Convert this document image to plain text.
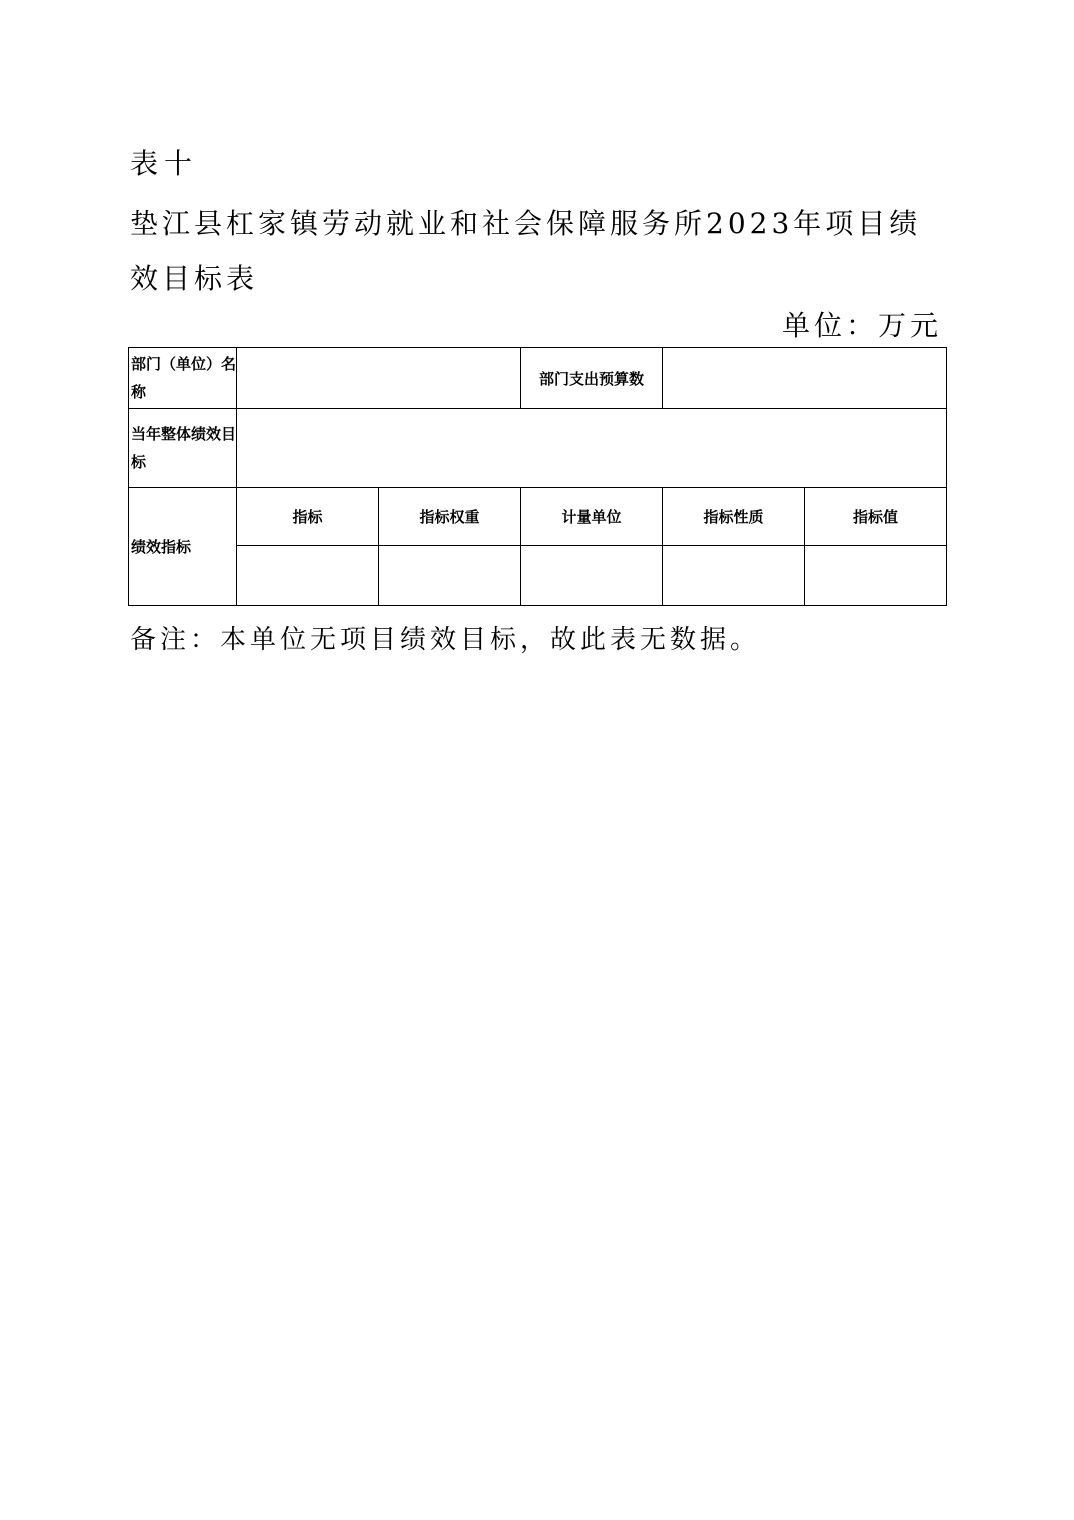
表十
垫江县杠家镇劳动就业和社会保障服务所2023年项目绩效目标表
单位：万元
部门（单位）名称			部门支出预算数		
当年整体绩效目标					
绩效指标	指标	指标权重	计量单位	指标性质	指标值

备注：本单位无项目绩效目标，故此表无数据。
